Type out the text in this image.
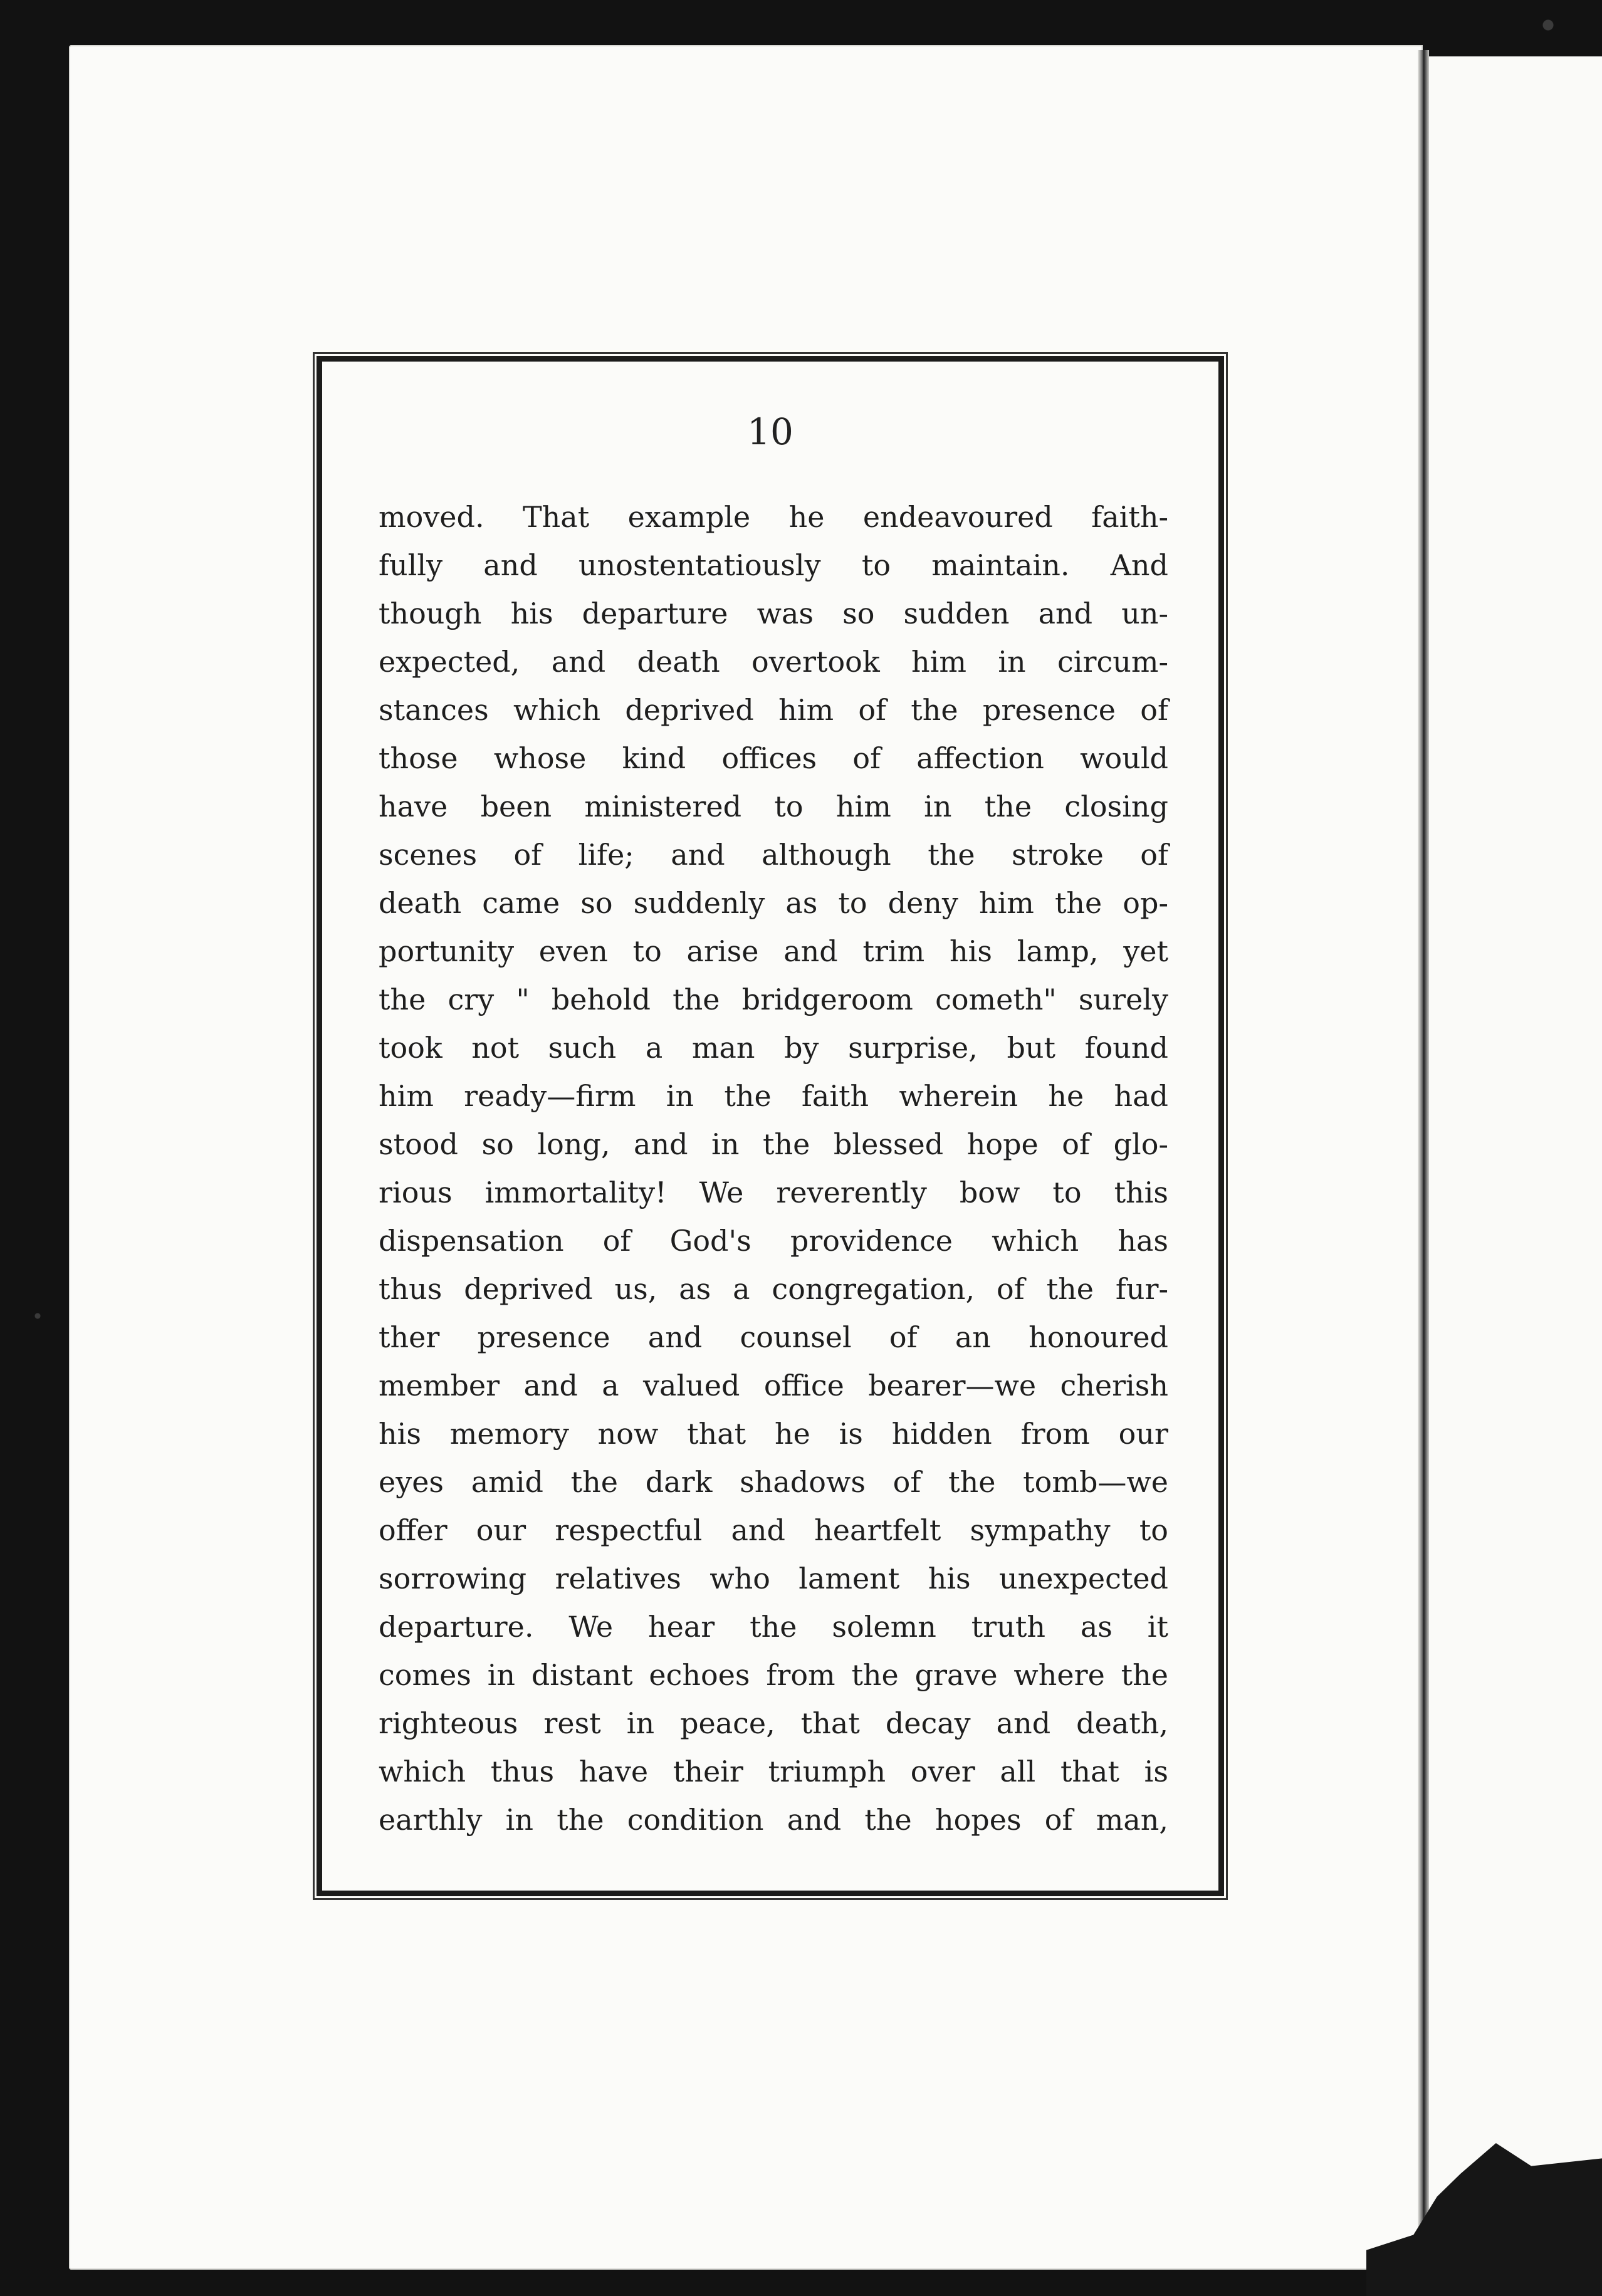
10
moved. That example he endeavoured faith-
fully and unostentatiously to maintain. And
though his departure was so sudden and un-
expected, and death overtook him in circum-
stances which deprived him of the presence of
those whose kind offices of affection would
have been ministered to him in the closing
scenes of life; and although the stroke of
death came so suddenly as to deny him the op-
portunity even to arise and trim his lamp, yet
the cry " behold the bridgeroom cometh" surely
took not such a man by surprise, but found
him ready—firm in the faith wherein he had
stood so long, and in the blessed hope of glo-
rious immortality! We reverently bow to this
dispensation of God's providence which has
thus deprived us, as a congregation, of the fur-
ther presence and counsel of an honoured
member and a valued office bearer—we cherish
his memory now that he is hidden from our
eyes amid the dark shadows of the tomb—we
offer our respectful and heartfelt sympathy to
sorrowing relatives who lament his unexpected
departure. We hear the solemn truth as it
comes in distant echoes from the grave where the
righteous rest in peace, that decay and death,
which thus have their triumph over all that is
earthly in the condition and the hopes of man,
